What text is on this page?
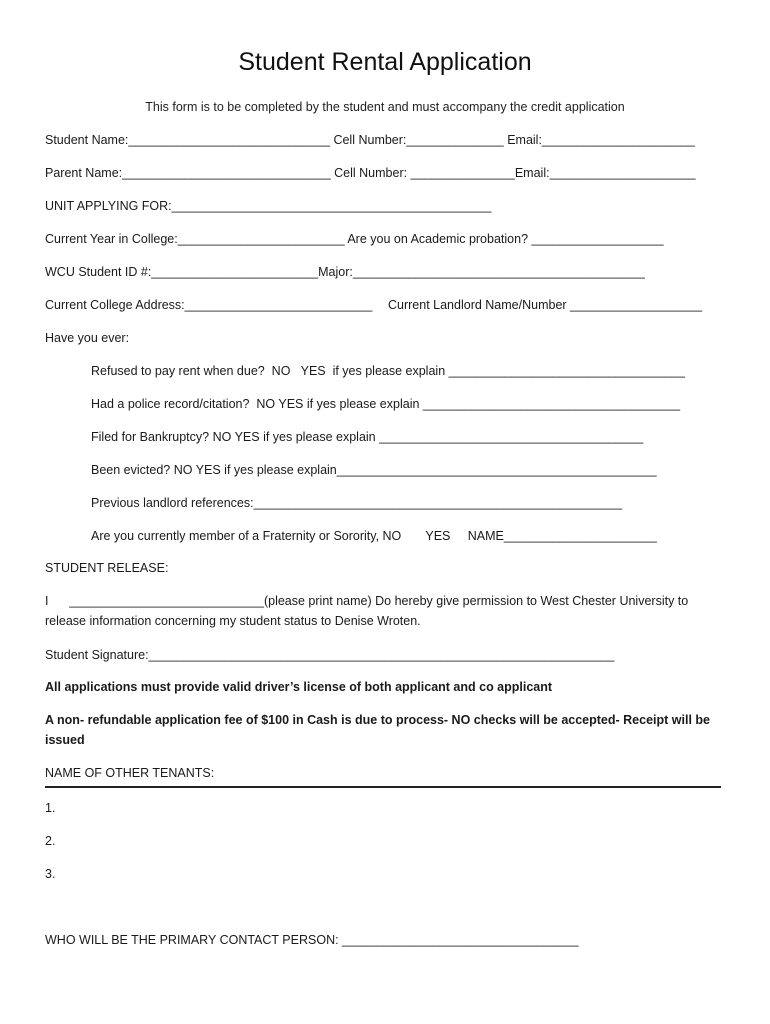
Student Rental Application
This form is to be completed by the student and must accompany the credit application
Student Name:_____________________________ Cell Number:______________ Email:______________________
Parent Name:______________________________ Cell Number: _______________Email:_____________________
UNIT APPLYING FOR:______________________________________________
Current Year in College:________________________ Are you on Academic probation? ___________________
WCU Student ID #:________________________Major:__________________________________________
Current College Address:___________________________ Current Landlord Name/Number ___________________
Have you ever:
Refused to pay rent when due?  NO   YES  if yes please explain __________________________________
Had a police record/citation?  NO YES if yes please explain _____________________________________
Filed for Bankruptcy? NO YES if yes please explain ______________________________________
Been evicted? NO YES if yes please explain______________________________________________
Previous landlord references:_____________________________________________________
Are you currently member of a Fraternity or Sorority, NO       YES     NAME______________________
STUDENT RELEASE:
I      ____________________________(please print name) Do hereby give permission to West Chester University to
release information concerning my student status to Denise Wroten.
Student Signature:___________________________________________________________________
All applications must provide valid driver’s license of both applicant and co applicant
A non- refundable application fee of $100 in Cash is due to process- NO checks will be accepted- Receipt will be
issued
NAME OF OTHER TENANTS:
1.
2.
3.
WHO WILL BE THE PRIMARY CONTACT PERSON: __________________________________
